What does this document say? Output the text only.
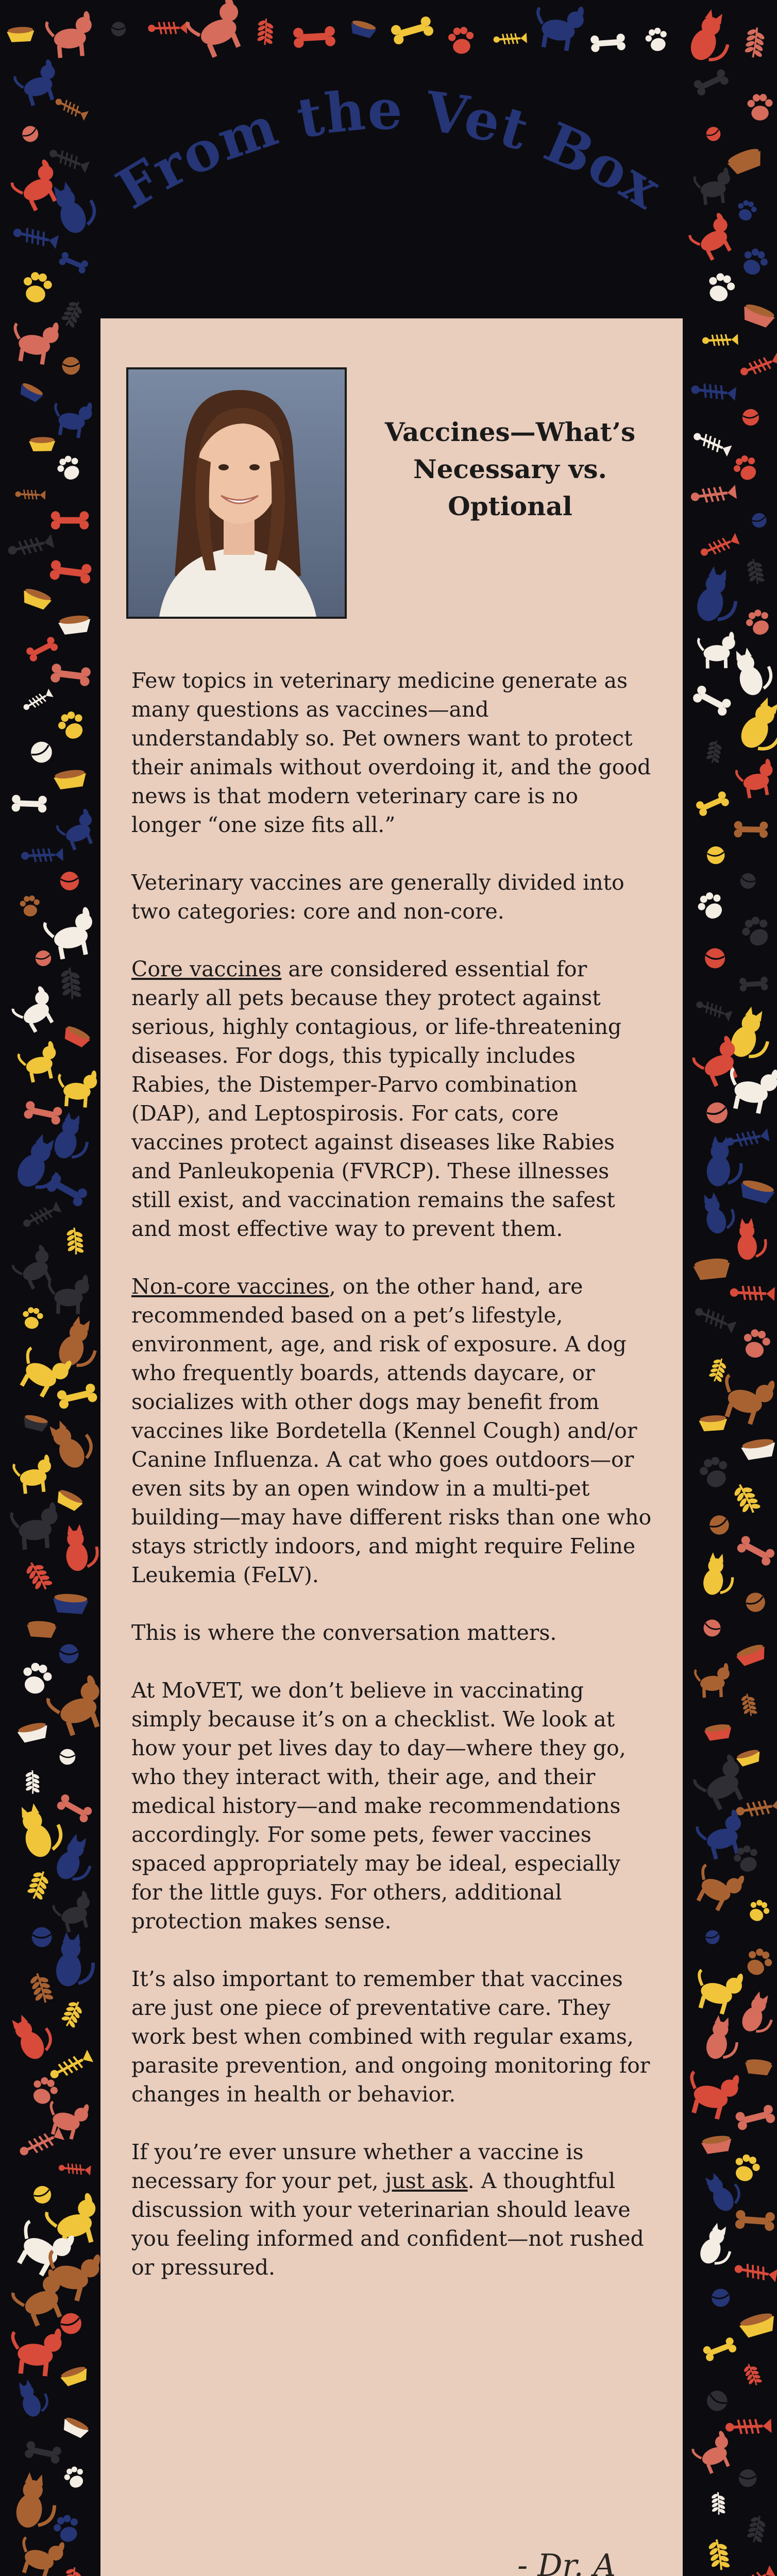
From the Vet Box
Vaccines—What’s Necessary vs. Optional

Few topics in veterinary medicine generate as many questions as vaccines—and understandably so. Pet owners want to protect their animals without overdoing it, and the good news is that modern veterinary care is no longer “one size fits all.”

Veterinary vaccines are generally divided into two categories: core and non-core.

Core vaccines are considered essential for nearly all pets because they protect against serious, highly contagious, or life-threatening diseases. For dogs, this typically includes Rabies, the Distemper-Parvo combination (DAP), and Leptospirosis. For cats, core vaccines protect against diseases like Rabies and Panleukopenia (FVRCP). These illnesses still exist, and vaccination remains the safest and most effective way to prevent them.

Non-core vaccines, on the other hand, are recommended based on a pet’s lifestyle, environment, age, and risk of exposure. A dog who frequently boards, attends daycare, or socializes with other dogs may benefit from vaccines like Bordetella (Kennel Cough) and/or Canine Influenza. A cat who goes outdoors—or even sits by an open window in a multi-pet building—may have different risks than one who stays strictly indoors, and might require Feline Leukemia (FeLV).

This is where the conversation matters.

At MoVET, we don’t believe in vaccinating simply because it’s on a checklist. We look at how your pet lives day to day—where they go, who they interact with, their age, and their medical history—and make recommendations accordingly. For some pets, fewer vaccines spaced appropriately may be ideal, especially for the little guys. For others, additional protection makes sense.

It’s also important to remember that vaccines are just one piece of preventative care. They work best when combined with regular exams, parasite prevention, and ongoing monitoring for changes in health or behavior.

If you’re ever unsure whether a vaccine is necessary for your pet, just ask. A thoughtful discussion with your veterinarian should leave you feeling informed and confident—not rushed or pressured.

- Dr. A
